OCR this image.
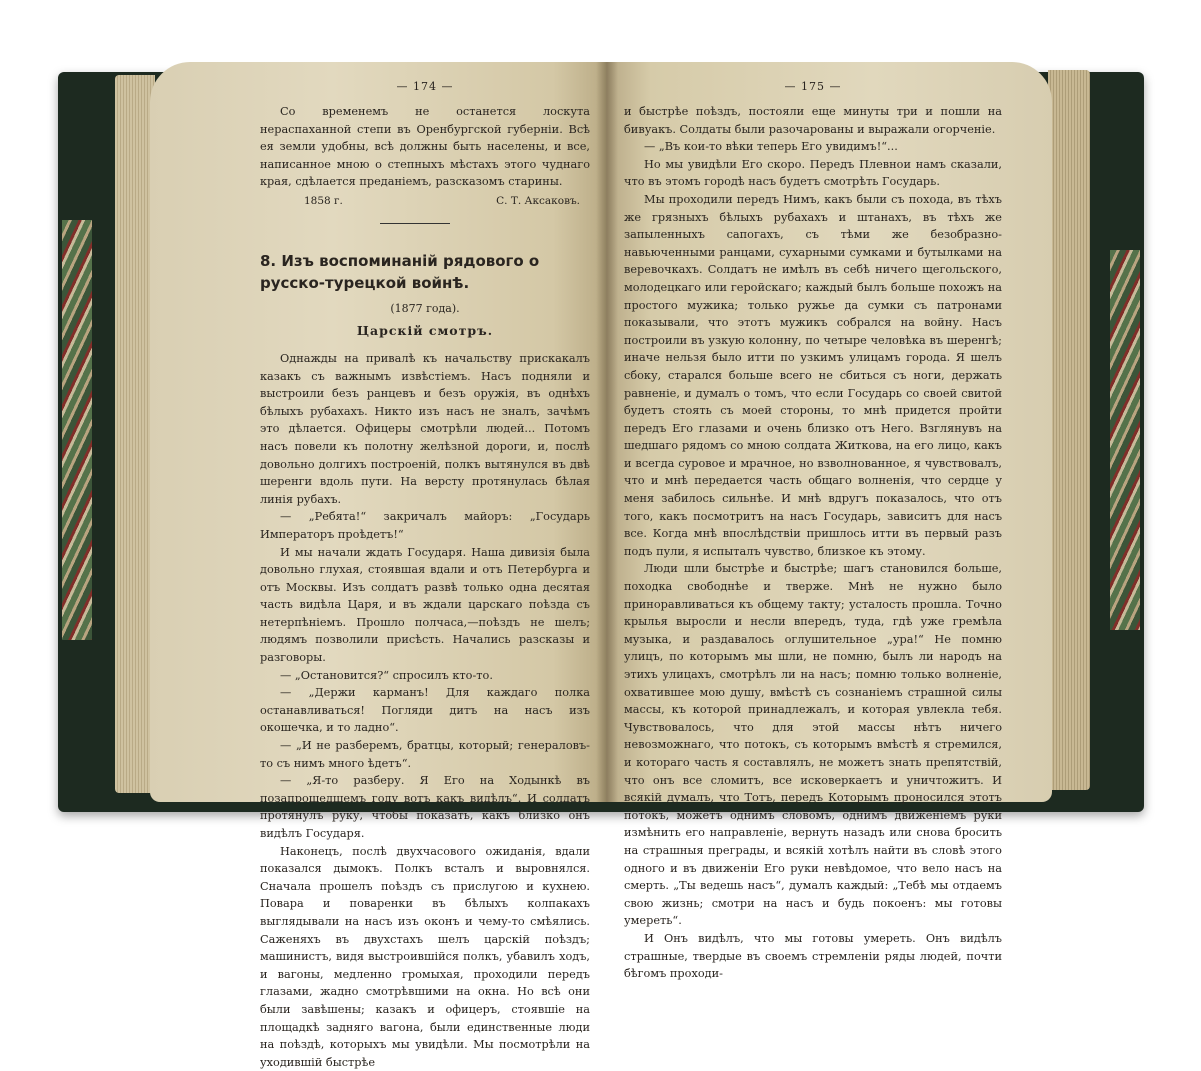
— 174 —

Со временемъ не останется лоскута нераспаханной степи въ Оренбургской губерніи. Всѣ ея земли удобны, всѣ должны быть населены, и все, написанное мною о степныхъ мѣстахъ этого чуднаго края, сдѣлается преданіемъ, разсказомъ старины.

1858 г.	С. Т. Аксаковъ.
8. Изъ воспоминаній рядового о русско-турецкой войнѣ.
(1877 года).
Царскій смотръ.

Однажды на привалѣ къ начальству прискакалъ казакъ съ важнымъ извѣстіемъ. Насъ подняли и выстроили безъ ранцевъ и безъ оружія, въ однѣхъ бѣлыхъ рубахахъ. Никто изъ насъ не зналъ, зачѣмъ это дѣлается. Офицеры смотрѣли людей... Потомъ насъ повели къ полотну желѣзной дороги, и, послѣ довольно долгихъ построеній, полкъ вытянулся въ двѣ шеренги вдоль пути. На версту протянулась бѣлая линія рубахъ.

— „Ребята!“ закричалъ майоръ: „Государь Императоръ проѣдетъ!“

И мы начали ждать Государя. Наша дивизія была довольно глухая, стоявшая вдали и отъ Петербурга и отъ Москвы. Изъ солдатъ развѣ только одна десятая часть видѣла Царя, и въ ждали царскаго поѣзда съ нетерпѣніемъ. Прошло полчаса,—поѣздъ не шелъ; людямъ позволили присѣсть. Начались разсказы и разговоры.

— „Остановится?“ спросилъ кто-то.

— „Держи карманъ! Для каждаго полка останавливаться! Погляди дитъ на насъ изъ окошечка, и то ладно“.

— „И не разберемъ, братцы, который; генераловъ-то съ нимъ много ѣдетъ“.

— „Я-то разберу. Я Его на Ходынкѣ въ позапрошедшемъ году вотъ какъ видѣлъ“. И солдатъ протянулъ руку, чтобы показать, какъ близко онъ видѣлъ Государя.

Наконецъ, послѣ двухчасового ожиданія, вдали показался дымокъ. Полкъ всталъ и выровнялся. Сначала прошелъ поѣздъ съ прислугою и кухнею. Повара и поваренки въ бѣлыхъ колпакахъ выглядывали на насъ изъ оконъ и чему-то смѣялись. Саженяхъ въ двухстахъ шелъ царскій поѣздъ; машинистъ, видя выстроившійся полкъ, убавилъ ходъ, и вагоны, медленно громыхая, проходили передъ глазами, жадно смотрѣвшими на окна. Но всѣ они были завѣшены; казакъ и офицеръ, стоявшіе на площадкѣ задняго вагона, были единственные люди на поѣздѣ, которыхъ мы увидѣли. Мы посмотрѣли на уходившій быстрѣе

— 175 —

и быстрѣе поѣздъ, постояли еще минуты три и пошли на бивуакъ. Солдаты были разочарованы и выражали огорченіе.

— „Въ кои-то вѣки теперь Его увидимъ!“...

Но мы увидѣли Его скоро. Передъ Плевнои намъ сказали, что въ этомъ городѣ насъ будетъ смотрѣть Государь.

Мы проходили передъ Нимъ, какъ были съ похода, въ тѣхъ же грязныхъ бѣлыхъ рубахахъ и штанахъ, въ тѣхъ же запыленныхъ сапогахъ, съ тѣми же безобразно-навьюченными ранцами, сухарными сумками и бутылками на веревочкахъ. Солдатъ не имѣлъ въ себѣ ничего щегольского, молодецкаго или геройскаго; каждый былъ больше похожъ на простого мужика; только ружье да сумки съ патронами показывали, что этотъ мужикъ собрался на войну. Насъ построили въ узкую колонну, по четыре человѣка въ шеренгѣ; иначе нельзя было итти по узкимъ улицамъ города. Я шелъ сбоку, старался больше всего не сбиться съ ноги, держать равненіе, и думалъ о томъ, что если Государь со своей свитой будетъ стоять съ моей стороны, то мнѣ придется пройти передъ Его глазами и очень близко отъ Него. Взглянувъ на шедшаго рядомъ со мною солдата Житкова, на его лицо, какъ и всегда суровое и мрачное, но взволнованное, я чувствовалъ, что и мнѣ передается часть общаго волненія, что сердце у меня забилось сильнѣе. И мнѣ вдругъ показалось, что отъ того, какъ посмотритъ на насъ Государь, зависитъ для насъ все. Когда мнѣ впослѣдствіи пришлось итти въ первый разъ подъ пули, я испыталъ чувство, близкое къ этому.

Люди шли быстрѣе и быстрѣе; шагъ становился больше, походка свободнѣе и тверже. Мнѣ не нужно было приноравливаться къ общему такту; усталость прошла. Точно крылья выросли и несли впередъ, туда, гдѣ уже гремѣла музыка, и раздавалось оглушительное „ура!“ Не помню улицъ, по которымъ мы шли, не помню, былъ ли народъ на этихъ улицахъ, смотрѣлъ ли на насъ; помню только волненіе, охватившее мою душу, вмѣстѣ съ сознаніемъ страшной силы массы, къ которой принадлежалъ, и которая увлекла тебя. Чувствовалось, что для этой массы нѣтъ ничего невозможнаго, что потокъ, съ которымъ вмѣстѣ я стремился, и котораго часть я составлялъ, не можетъ знать препятствій, что онъ все сломитъ, все исковеркаетъ и уничтожитъ. И всякій думалъ, что Тотъ, передъ Которымъ проносился этотъ потокъ, можетъ однимъ словомъ, однимъ движеніемъ руки измѣнить его направленіе, вернуть назадъ или снова бросить на страшныя преграды, и всякій хотѣлъ найти въ словѣ этого одного и въ движеніи Его руки невѣдомое, что вело насъ на смерть. „Ты ведешь насъ“, думалъ каждый: „Тебѣ мы отдаемъ свою жизнь; смотри на насъ и будь покоенъ: мы готовы умереть“.

И Онъ видѣлъ, что мы готовы умереть. Онъ видѣлъ страшные, твердые въ своемъ стремленіи ряды людей, почти бѣгомъ проходи-
